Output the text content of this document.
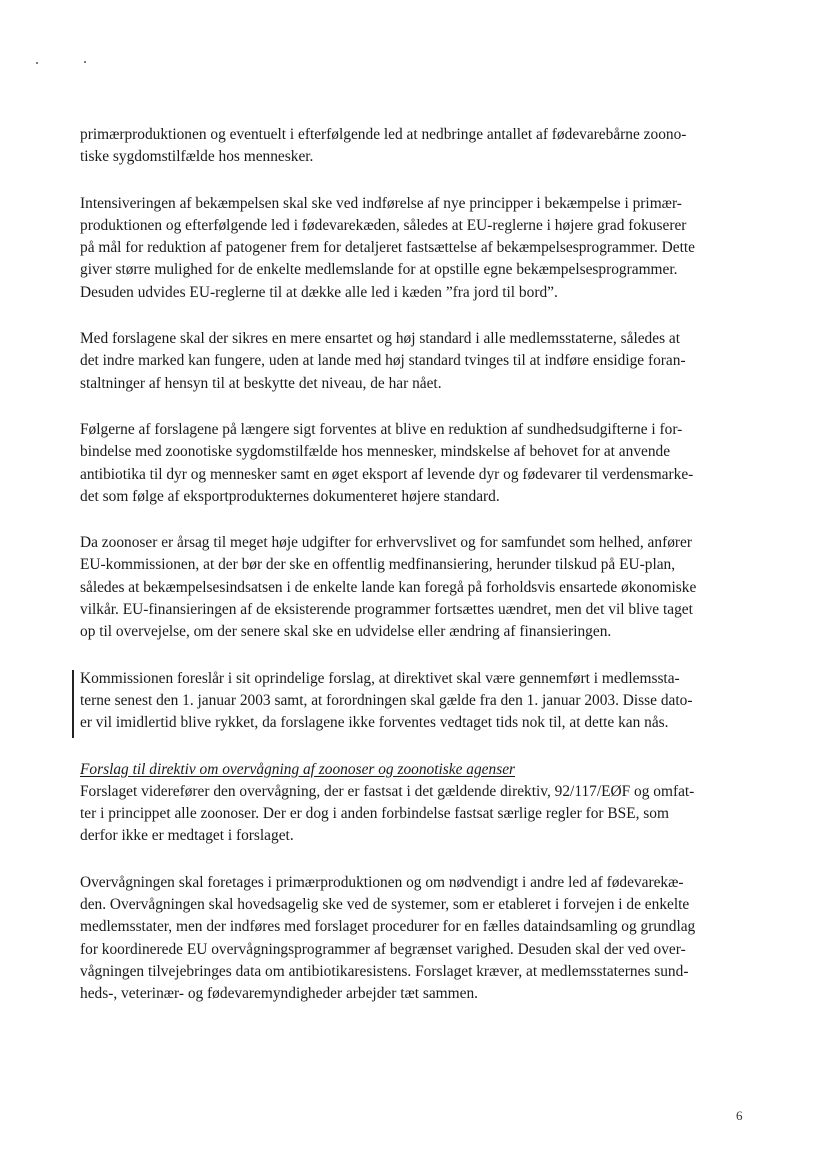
primærproduktionen og eventuelt i efterfølgende led at nedbringe antallet af fødevarebårne zoono-
tiske sygdomstilfælde hos mennesker.

Intensiveringen af bekæmpelsen skal ske ved indførelse af nye principper i bekæmpelse i primær-
produktionen og efterfølgende led i fødevarekæden, således at EU-reglerne i højere grad fokuserer
på mål for reduktion af patogener frem for detaljeret fastsættelse af bekæmpelsesprogrammer. Dette
giver større mulighed for de enkelte medlemslande for at opstille egne bekæmpelsesprogrammer.
Desuden udvides EU-reglerne til at dække alle led i kæden ”fra jord til bord”.

Med forslagene skal der sikres en mere ensartet og høj standard i alle medlemsstaterne, således at
det indre marked kan fungere, uden at lande med høj standard tvinges til at indføre ensidige foran-
staltninger af hensyn til at beskytte det niveau, de har nået.

Følgerne af forslagene på længere sigt forventes at blive en reduktion af sundhedsudgifterne i for-
bindelse med zoonotiske sygdomstilfælde hos mennesker, mindskelse af behovet for at anvende
antibiotika til dyr og mennesker samt en øget eksport af levende dyr og fødevarer til verdensmarke-
det som følge af eksportprodukternes dokumenteret højere standard.

Da zoonoser er årsag til meget høje udgifter for erhvervslivet og for samfundet som helhed, anfører
EU-kommissionen, at der bør der ske en offentlig medfinansiering, herunder tilskud på EU-plan,
således at bekæmpelsesindsatsen i de enkelte lande kan foregå på forholdsvis ensartede økonomiske
vilkår. EU-finansieringen af de eksisterende programmer fortsættes uændret, men det vil blive taget
op til overvejelse, om der senere skal ske en udvidelse eller ændring af finansieringen.

Kommissionen foreslår i sit oprindelige forslag, at direktivet skal være gennemført i medlemssta-
terne senest den 1. januar 2003 samt, at forordningen skal gælde fra den 1. januar 2003. Disse dato-
er vil imidlertid blive rykket, da forslagene ikke forventes vedtaget tids nok til, at dette kan nås.

Forslag til direktiv om overvågning af zoonoser og zoonotiske agenser

Forslaget viderefører den overvågning, der er fastsat i det gældende direktiv, 92/117/EØF og omfat-
ter i princippet alle zoonoser. Der er dog i anden forbindelse fastsat særlige regler for BSE, som
derfor ikke er medtaget i forslaget.

Overvågningen skal foretages i primærproduktionen og om nødvendigt i andre led af fødevarekæ-
den. Overvågningen skal hovedsagelig ske ved de systemer, som er etableret i forvejen i de enkelte
medlemsstater, men der indføres med forslaget procedurer for en fælles dataindsamling og grundlag
for koordinerede EU overvågningsprogrammer af begrænset varighed. Desuden skal der ved over-
vågningen tilvejebringes data om antibiotikaresistens. Forslaget kræver, at medlemsstaternes sund-
heds-, veterinær- og fødevaremyndigheder arbejder tæt sammen.

6
